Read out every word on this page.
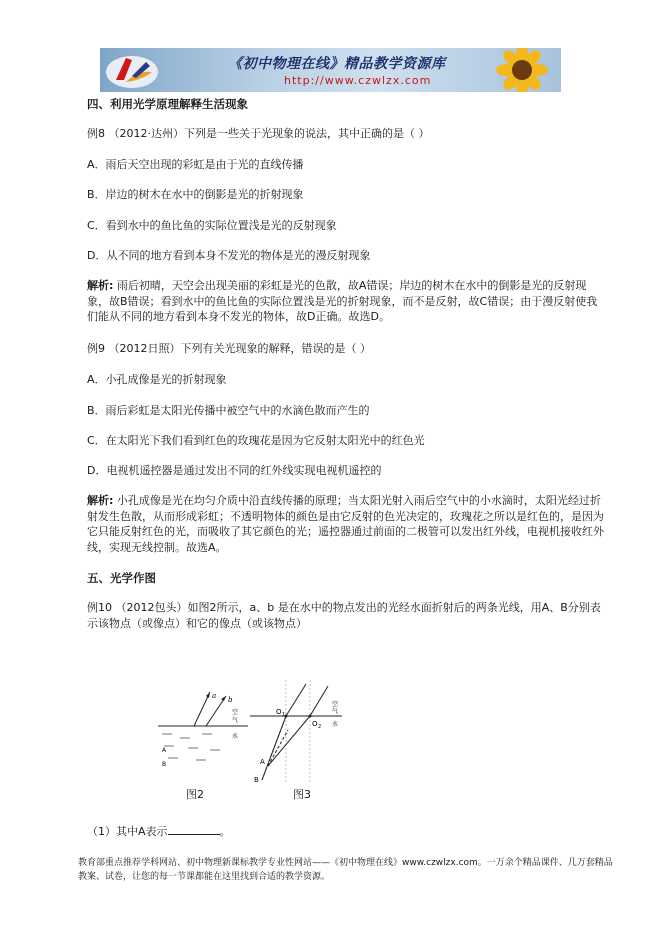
《初中物理在线》精品教学资源库
http://www.czwlzx.com
四、利用光学原理解释生活现象
例8 （2012·达州）下列是一些关于光现象的说法，其中正确的是（ ）
A．雨后天空出现的彩虹是由于光的直线传播
B．岸边的树木在水中的倒影是光的折射现象
C．看到水中的鱼比鱼的实际位置浅是光的反射现象
D．从不同的地方看到本身不发光的物体是光的漫反射现象
解析: 雨后初晴，天空会出现美丽的彩虹是光的色散，故A错误；岸边的树木在水中的倒影是光的反射现象，故B错误；看到水中的鱼比鱼的实际位置浅是光的折射现象，而不是反射，故C错误；由于漫反射使我们能从不同的地方看到本身不发光的物体，故D正确。故选D。
例9 （2012日照）下列有关光现象的解释，错误的是（ ）
A．小孔成像是光的折射现象
B．雨后彩虹是太阳光传播中被空气中的水滴色散而产生的
C．在太阳光下我们看到红色的玫瑰花是因为它反射太阳光中的红色光
D．电视机遥控器是通过发出不同的红外线实现电视机遥控的
解析: 小孔成像是光在均匀介质中沿直线传播的原理；当太阳光射入雨后空气中的小水滴时，太阳光经过折射发生色散，从而形成彩虹；不透明物体的颜色是由它反射的色光决定的，玫瑰花之所以是红色的，是因为它只能反射红色的光，而吸收了其它颜色的光；遥控器通过前面的二极管可以发出红外线，电视机接收红外线，实现无线控制。故选A。
五、光学作图
例10 （2012包头）如图2所示，a、b 是在水中的物点发出的光经水面折射后的两条光线，用A、B分别表示该物点（或像点）和它的像点（或该物点）
a b
空
气
水
A
B
图2
O 1
O 2
空
气
水
A
B
图3
（1）其中A表示	。
教育部重点推荐学科网站、初中物理新课标教学专业性网站——《初中物理在线》www.czwlzx.com。一万余个精品课件、几万套精品教案、试卷，让您的每一节课都能在这里找到合适的教学资源。
